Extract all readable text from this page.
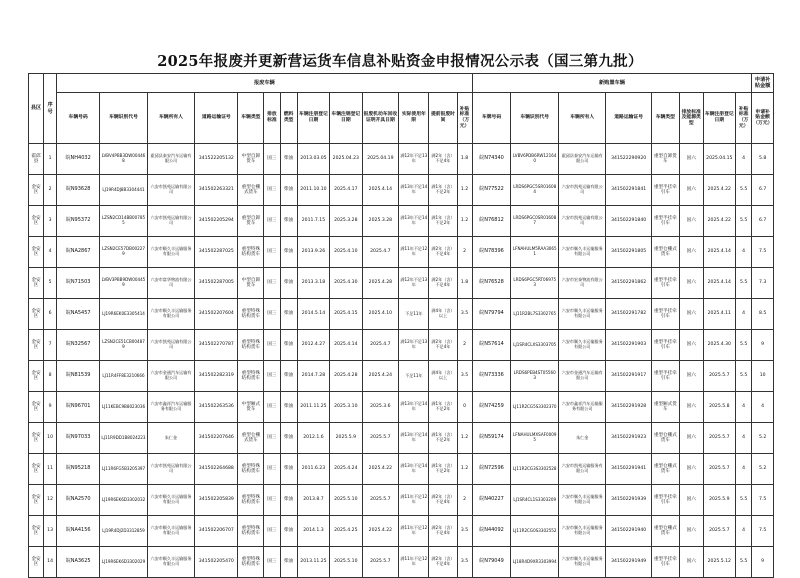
2025年报废并更新营运货车信息补贴资金申报情况公示表（国三第九批）
县区	序号	报废车辆													新购置车辆								申请补贴金额
		车辆号码	车辆识别代号	车辆所有人	道路运输证号	车辆类型	排放标准	燃料类型	车辆注册登记日期	车辆注销登记日期	报废机动车回收证明开具日期	实际使用年限	提前报废时间	补贴标准（万元）	车牌号码	车辆识别代号	车辆所有人	道路运输证号	车辆类型	排放标准及能源类型	车辆注册登记日期	补贴标准（万元）	申请补贴金额（万元）
霍邱县	1	皖NH4032	LVBV4PBB3DW004468	霍邱县泰安汽车运输有限公司	341522205132	中型自卸货车	国三	柴油	2013.03.05	2025.04.23	2025.04.19	满12年不足13年	满2年（含）不足4年	1.8	皖N74340	LVBV6PDB6RW121640	霍邱县泰安汽车运输有限公司	341522290920	重型自卸货车	国六	2025.04.15	4	5.8
金安区	2	皖N93628	LJ19R4DJ8B3304441	六安市凯苑运输有限公司	341502263321	重型仓栅式货车	国三	柴油	2011.10.10	2025.4.17	2025.4.14	满13年不足14年	满1年（含）不足2年	1.2	皖N77522	LRDS6PGC5SR016084	六安市凯苑运输有限公司	341502291841	重型半挂牵引车	国六	2025.4.22	5.5	6.7
金安区	3	皖N95372	LZSN2CD14BB007855	六安市凯苑运输有限公司	341502205294	重型自卸货车	国三	柴油	2011.7.15	2025.3.28	2025.3.28	满13年不足14年	满1年（含）不足2年	1.2	皖N76812	LRDS6PGC0SR016087	六安市凯苑运输有限公司	341502291840	重型半挂牵引车	国六	2025.4.22	5.5	6.7
金安区	4	皖NA2867	LZSN2CE57DB002279	六安市顺久丰运输服务有限公司	341502287025	重型特殊结构货车	国三	柴油	2013.9.26	2025.4.10	2025.4.7	满11年不足12年	满2年（含）不足4年	2	皖N78396	LFNAHULM5RAA30651	六安市顺久丰运输服务有限公司	341502291805	重型仓栅式货车	国六	2025.4.14	4	7.5
金安区	5	皖N71503	LVBV3PBB9DW004459	六安市富华物流有限公司	341502287005	中型自卸货车	国三	柴油	2013.3.18	2025.4.30	2025.4.28	满12年不足13年	满2年（含）不足4年	1.8	皖N76528	LRDS6PGC5RT069753	六安市宏泰物流有限公司	341502291862	重型半挂牵引车	国六	2025.4.14	5.5	7.3
金安区	6	皖NA5457	LJ19R6EK0E3305414	六安市顺久丰运输服务有限公司	341502207604	重型特殊结构货车	国三	柴油	2014.5.14	2025.4.15	2025.4.10	不足11年	满4年（含）以上	3.5	皖N79794	LJ11R2BL7S3302765	六安市顺久丰运输服务有限公司	341502291782	重型半挂牵引车	国六	2025.4.11	4	8.5
金安区	7	皖N32567	LZSN2CE51CB004879	六安市凯苑运输有限公司	341502270787	重型特殊结构货车	国三	柴油	2012.4.27	2025.4.14	2025.4.7	满12年不足13年	满2年（含）不足4年	2	皖N57614	LJ1SR4CLXS3303705	六安市顺久丰运输服务有限公司	341502291903	重型半挂牵引车	国六	2025.4.30	5.5	9
金安区	8	皖N81539	LJ11R4FF8E3210666	六安市金通汽车运输有限公司	341502282319	重型特殊结构货车	国三	柴油	2014.7.28	2025.4.28	2025.4.24	不足11年	满4年（含）以上	3.5	皖N73336	LRDS6PEB4ST055603	六安市金通汽车运输有限公司	341502291917	重型半挂牵引车	国六	2025.5.7	5.5	10
金安区	9	皖N96701	LJ11KEBC9B8023036	六安市鑫祥汽车运输服务有限公司	341502263536	中型厢式货车	国三	柴油	2011.11.25	2025.3.10	2025.3.6	满13年不足14年	满1年（含）不足2年	0	皖N74259	LJ11R2CG5S3302370	六安市鑫祥汽车运输服务有限公司	341502291928	重型厢式货车	国六	2025.5.8	4	4
金安区	10	皖N97033	LJ11R9DD1B8024223	朱仁金	341502207646	重型仓栅式货车	国三	柴油	2012.1.6	2025.5.9	2025.5.7	满13年不足14年	满1年（含）不足2年	1.2	皖N59174	LFNAHULMXSAF00095	朱仁金	341502291923	重型仓栅式货车	国六	2025.5.7	4	5.2
金安区	11	皖N95218	LJ11R6FG5B3205397	六安市凯苑运输有限公司	341502264688	重型特殊结构货车	国三	柴油	2011.6.23	2025.4.24	2025.4.22	满13年不足14年	满1年（含）不足2年	1.2	皖N72596	LJ11R2CG3S3302528	六安市凯苑运输服务有限公司	341502291941	重型仓栅式货车	国六	2025.5.7	4	5.2
金安区	12	皖NA2570	LJ19R6EK6D3302032	六安市顺久丰运输服务有限公司	341502205839	重型特殊结构货车	国三	柴油	2013.8.7	2025.5.10	2025.5.7	满11年不足12年	满2年（含）不足4年	2	皖N40227	LJ1SR4CL1S3303209	六安市顺久丰运输服务有限公司	341502291939	重型半挂牵引车	国六	2025.5.9	5.5	7.5
金安区	13	皖NA4156	LJ19R4DJ2D3312859	六安市顺久丰运输服务有限公司	341502206707	重型特殊结构货车	国三	柴油	2014.1.3	2025.4.25	2025.4.22	满11年不足12年	满2年（含）不足4年	3.5	皖N44092	LJ11R2CG0S3302552	六安市顺久丰运输服务有限公司	341502291940	重型仓栅式货车	国六	2025.5.7	4	7.5
金安区	14	皖NA3625	LJ19R6EK6D3302029	六安市顺久丰运输服务有限公司	341502205470	重型特殊结构货车	国三	柴油	2013.11.25	2025.5.10	2025.5.7	满11年不足12年	满2年（含）不足4年	3.5	皖N79049	LJ18R4D9XR3303994	六安市顺久丰运输服务有限公司	341502291949	重型半挂牵引车	国六	2025.5.12	5.5	9
